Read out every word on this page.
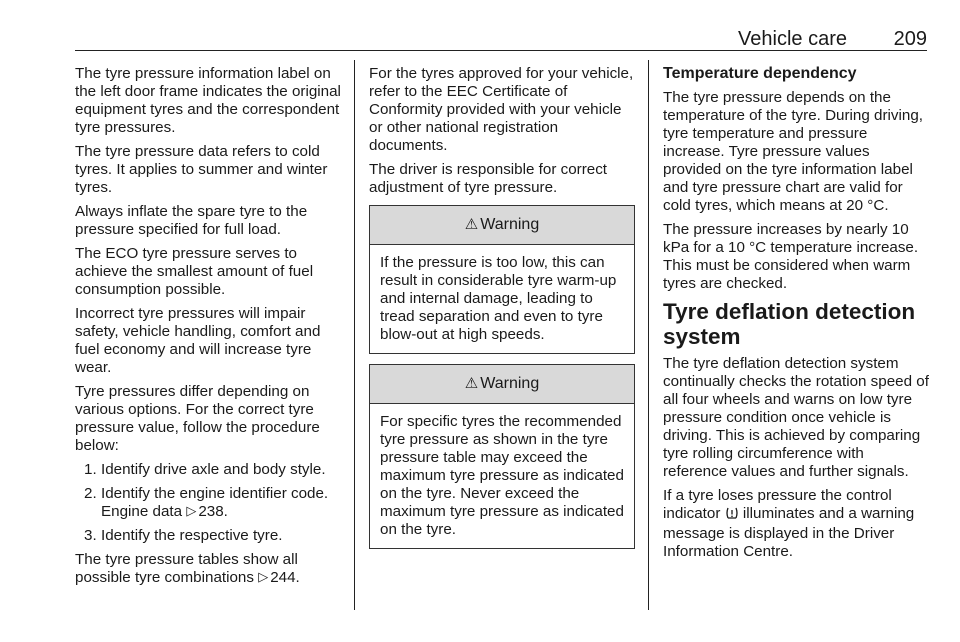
Vehicle care 209

The tyre pressure information label on the left door frame indicates the original equipment tyres and the correspondent tyre pressures.

The tyre pressure data refers to cold tyres. It applies to summer and winter tyres.

Always inflate the spare tyre to the pressure specified for full load.

The ECO tyre pressure serves to achieve the smallest amount of fuel consumption possible.

Incorrect tyre pressures will impair safety, vehicle handling, comfort and fuel economy and will increase tyre wear.

Tyre pressures differ depending on various options. For the correct tyre pressure value, follow the procedure below:

1. Identify drive axle and body style.
2. Identify the engine identifier code. Engine data ▷ 238.
3. Identify the respective tyre.

The tyre pressure tables show all possible tyre combinations ▷ 244.

For the tyres approved for your vehicle, refer to the EEC Certificate of Conformity provided with your vehicle or other national registration documents.

The driver is responsible for correct adjustment of tyre pressure.

⚠ Warning

If the pressure is too low, this can result in considerable tyre warm-up and internal damage, leading to tread separation and even to tyre blow-out at high speeds.

⚠ Warning

For specific tyres the recommended tyre pressure as shown in the tyre pressure table may exceed the maximum tyre pressure as indicated on the tyre. Never exceed the maximum tyre pressure as indicated on the tyre.

Temperature dependency

The tyre pressure depends on the temperature of the tyre. During driving, tyre temperature and pressure increase. Tyre pressure values provided on the tyre information label and tyre pressure chart are valid for cold tyres, which means at 20 °C.

The pressure increases by nearly 10 kPa for a 10 °C temperature increase. This must be considered when warm tyres are checked.

Tyre deflation detection system

The tyre deflation detection system continually checks the rotation speed of all four wheels and warns on low tyre pressure condition once vehicle is driving. This is achieved by comparing tyre rolling circumference with reference values and further signals.

If a tyre loses pressure the control indicator illuminates and a warning message is displayed in the Driver Information Centre.
